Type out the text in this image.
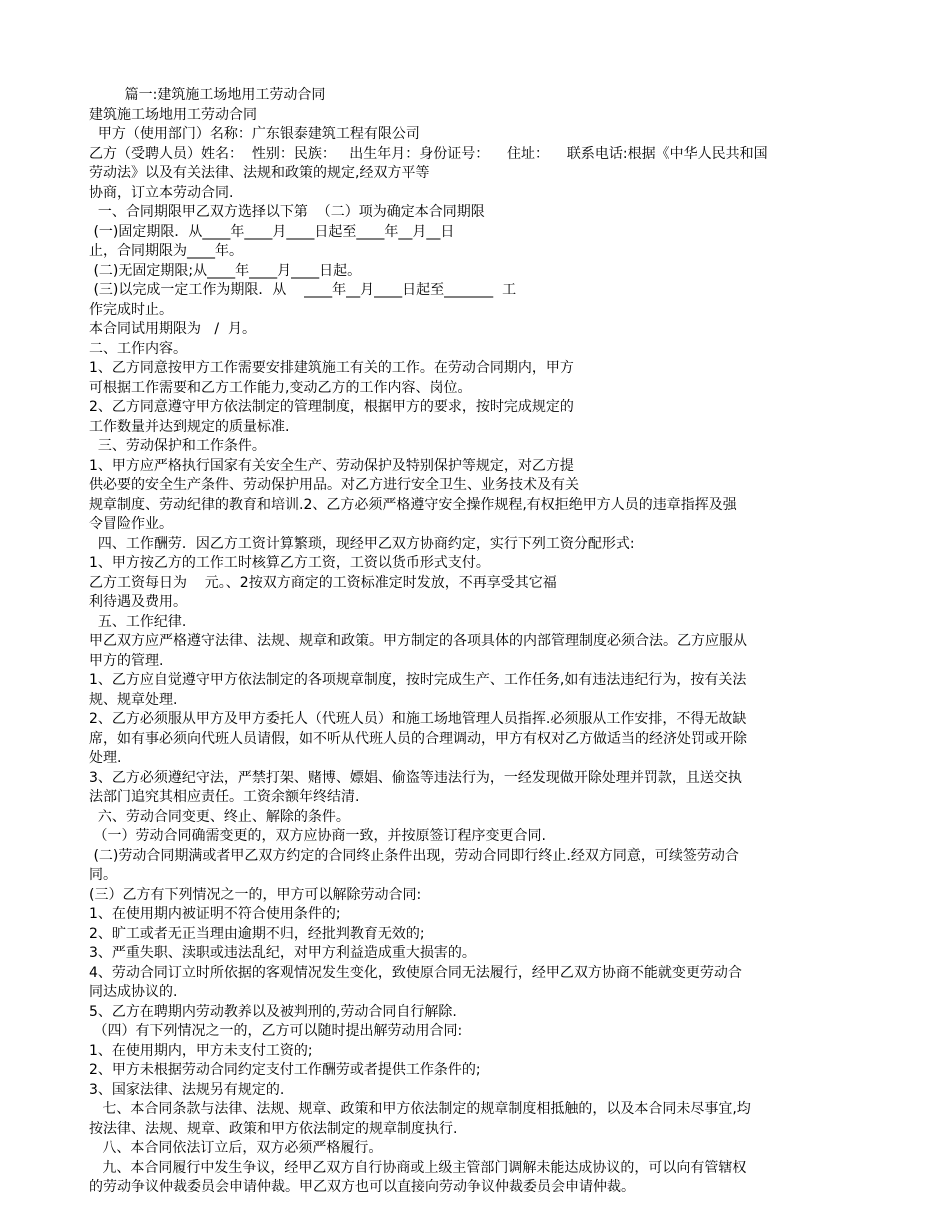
篇一:建筑施工场地用工劳动合同
建筑施工场地用工劳动合同
甲方（使用部门）名称：广东银泰建筑工程有限公司
乙方（受聘人员）姓名：  性别：民族：   出生年月：身份证号：    住址：    联系电话:根据《中华人民共和国
劳动法》以及有关法律、法规和政策的规定,经双方平等
协商，订立本劳动合同.
一、合同期限甲乙双方选择以下第  （二）项为确定本合同期限
(一)固定期限．从____年____月____日起至____年__月__日
止，合同期限为____年。
(二)无固定期限;从____年____月____日起。
(三)以完成一定工作为期限．从    ____年__月____日起至_______  工
作完成时止。
本合同试用期限为   /  月。
二、工作内容。
1、乙方同意按甲方工作需要安排建筑施工有关的工作。在劳动合同期内，甲方
可根据工作需要和乙方工作能力,变动乙方的工作内容、岗位。
2、乙方同意遵守甲方依法制定的管理制度，根据甲方的要求，按时完成规定的
工作数量并达到规定的质量标准.
三、劳动保护和工作条件。
1、甲方应严格执行国家有关安全生产、劳动保护及特别保护等规定，对乙方提
供必要的安全生产条件、劳动保护用品。对乙方进行安全卫生、业务技术及有关
规章制度、劳动纪律的教育和培训.2、乙方必须严格遵守安全操作规程,有权拒绝甲方人员的违章指挥及强
令冒险作业。
四、工作酬劳．因乙方工资计算繁琐，现经甲乙双方协商约定，实行下列工资分配形式:
1、甲方按乙方的工作工时核算乙方工资，工资以货币形式支付。
乙方工资每日为    元。、2按双方商定的工资标准定时发放，不再享受其它福
利待遇及费用。
五、工作纪律.
甲乙双方应严格遵守法律、法规、规章和政策。甲方制定的各项具体的内部管理制度必须合法。乙方应服从
甲方的管理.
1、乙方应自觉遵守甲方依法制定的各项规章制度，按时完成生产、工作任务,如有违法违纪行为，按有关法
规、规章处理.
2、乙方必须服从甲方及甲方委托人（代班人员）和施工场地管理人员指挥.必须服从工作安排，不得无故缺
席，如有事必须向代班人员请假，如不听从代班人员的合理调动，甲方有权对乙方做适当的经济处罚或开除
处理.
3、乙方必须遵纪守法，严禁打架、赌博、嫖娼、偷盗等违法行为，一经发现做开除处理并罚款，且送交执
法部门追究其相应责任。工资余额年终结清.
六、劳动合同变更、终止、解除的条件。
（一）劳动合同确需变更的，双方应协商一致，并按原签订程序变更合同.
(二)劳动合同期满或者甲乙双方约定的合同终止条件出现，劳动合同即行终止.经双方同意，可续签劳动合
同。
(三）乙方有下列情况之一的，甲方可以解除劳动合同:
1、在使用期内被证明不符合使用条件的;
2、旷工或者无正当理由逾期不归，经批判教育无效的;
3、严重失职、渎职或违法乱纪，对甲方利益造成重大损害的。
4、劳动合同订立时所依据的客观情况发生变化，致使原合同无法履行，经甲乙双方协商不能就变更劳动合
同达成协议的.
5、乙方在聘期内劳动教养以及被判刑的,劳动合同自行解除.
（四）有下列情况之一的，乙方可以随时提出解劳动用合同:
1、在使用期内，甲方未支付工资的;
2、甲方未根据劳动合同约定支付工作酬劳或者提供工作条件的;
3、国家法律、法规另有规定的.
七、本合同条款与法律、法规、规章、政策和甲方依法制定的规章制度相抵触的，以及本合同未尽事宜,均
按法律、法规、规章、政策和甲方依法制定的规章制度执行.
八、本合同依法订立后，双方必须严格履行。
九、本合同履行中发生争议，经甲乙双方自行协商或上级主管部门调解未能达成协议的，可以向有管辖权
的劳动争议仲裁委员会申请仲裁。甲乙双方也可以直接向劳动争议仲裁委员会申请仲裁。
